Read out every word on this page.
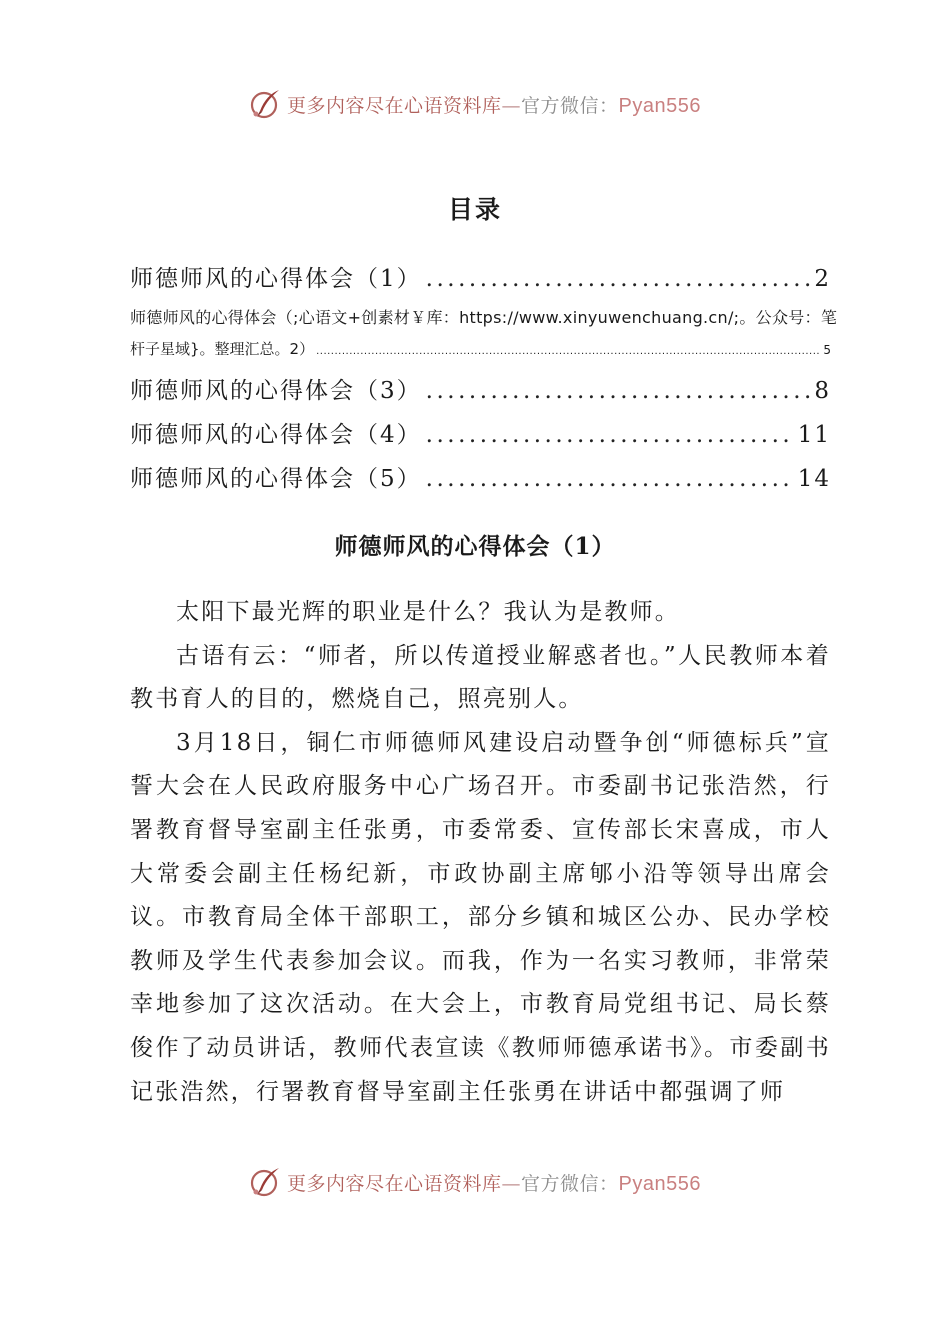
更多内容尽在心语资料库—官方微信：Pyan556
目录
师德师风的心得体会（1） .....	2
师德师风的心得体会（;心语文+创素材￥库：https://www.xinyuwenchuang.cn/;。公众号：笔
杆子星域}。整理汇总。2） .....	5
师德师风的心得体会（3） .....	8
师德师风的心得体会（4） .....	11
师德师风的心得体会（5） .....	14
师德师风的心得体会（1）

太阳下最光辉的职业是什么？我认为是教师。

古语有云：“师者，所以传道授业解惑者也。”人民教师本着教书育人的目的，燃烧自己，照亮别人。

3月18日，铜仁市师德师风建设启动暨争创“师德标兵”宣誓大会在人民政府服务中心广场召开。市委副书记张浩然，行署教育督导室副主任张勇，市委常委、宣传部长宋喜成，市人大常委会副主任杨纪新，市政协副主席郇小沿等领导出席会议。市教育局全体干部职工，部分乡镇和城区公办、民办学校教师及学生代表参加会议。而我，作为一名实习教师，非常荣幸地参加了这次活动。在大会上，市教育局党组书记、局长蔡俊作了动员讲话，教师代表宣读《教师师德承诺书》。市委副书记张浩然，行署教育督导室副主任张勇在讲话中都强调了师

更多内容尽在心语资料库—官方微信：Pyan556
